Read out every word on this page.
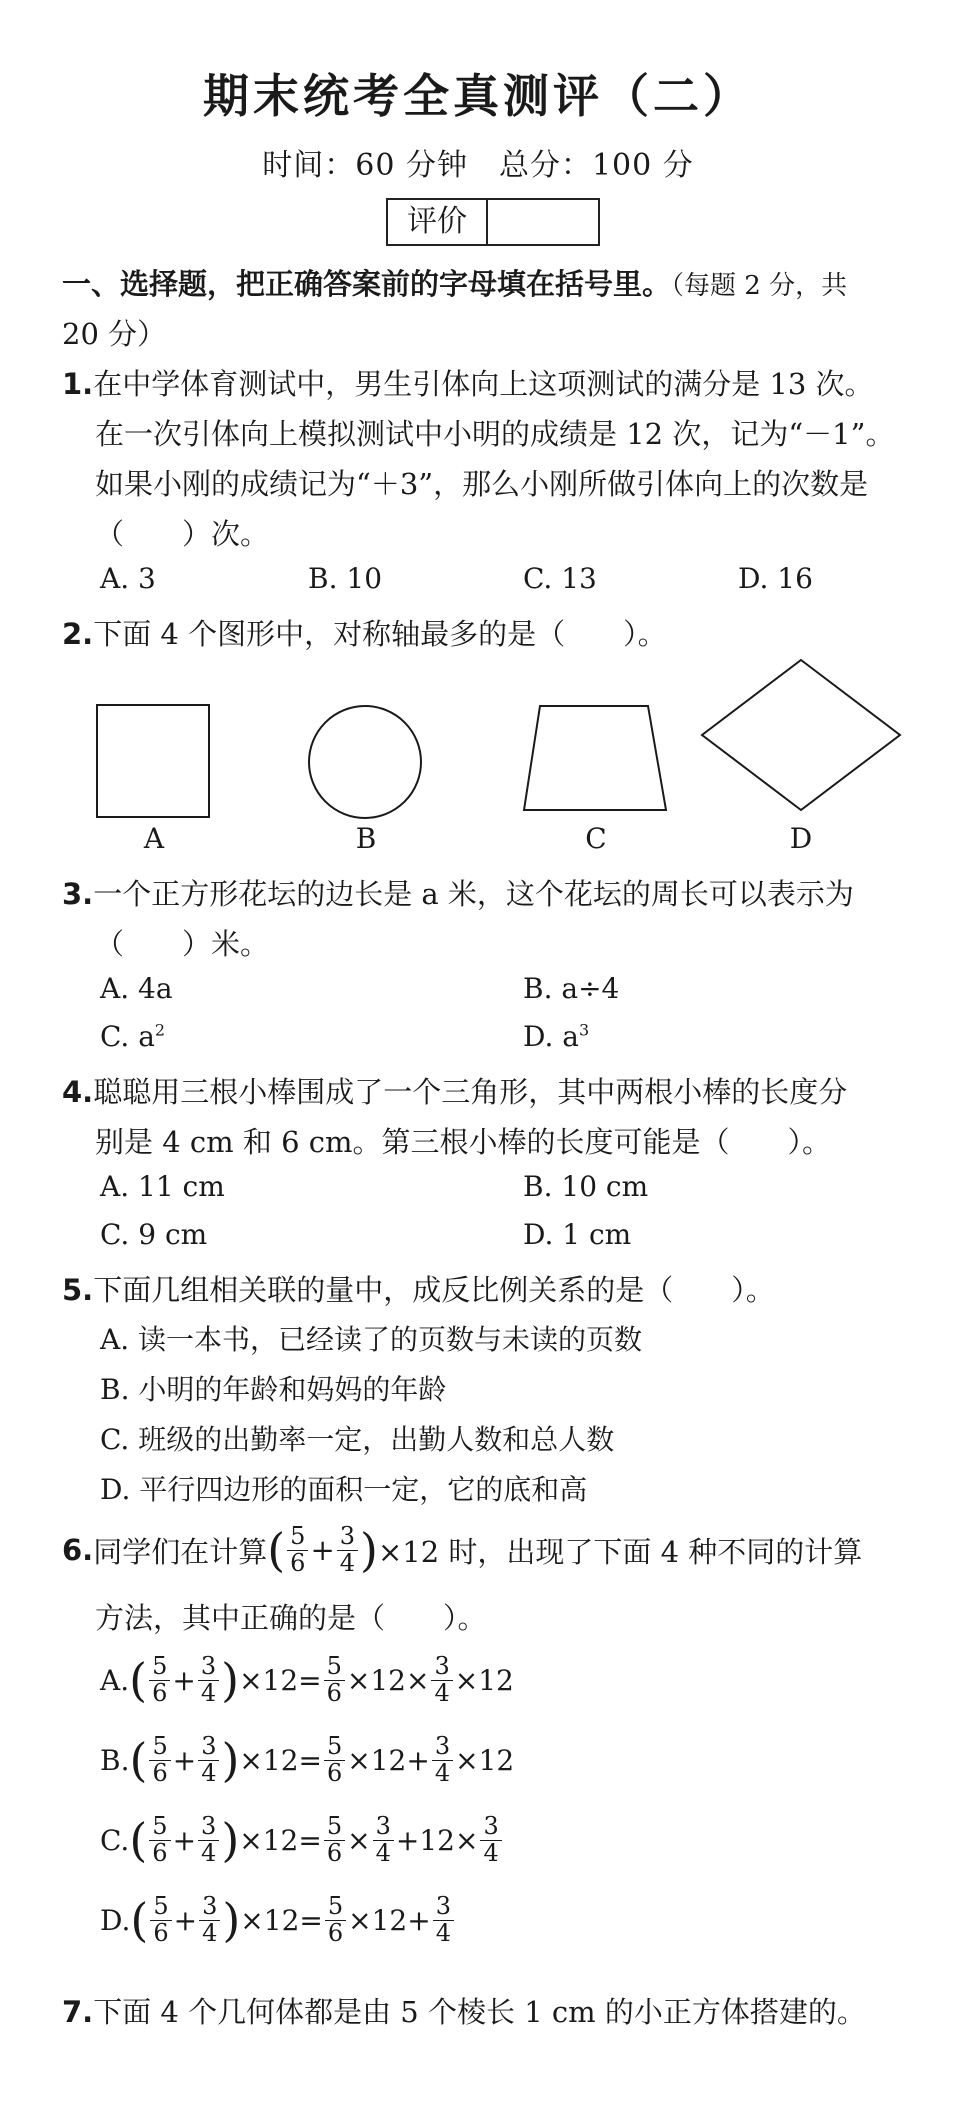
期末统考全真测评（二）
时间：60 分钟　总分：100 分
评价
一、选择题，把正确答案前的字母填在括号里。（每题 2 分，共
20 分）
1.在中学体育测试中，男生引体向上这项测试的满分是 13 次。
在一次引体向上模拟测试中小明的成绩是 12 次，记为“－1”。
如果小刚的成绩记为“＋3”，那么小刚所做引体向上的次数是
（　　）次。
A. 3	B. 10	C. 13	D. 16
2.下面 4 个图形中，对称轴最多的是（　　）。
A	B	C	D
3.一个正方形花坛的边长是 a 米，这个花坛的周长可以表示为
（　　）米。
A. 4a	B. a÷4
C. $a^2$	D. $a^3$
4.聪聪用三根小棒围成了一个三角形，其中两根小棒的长度分
别是 4 cm 和 6 cm。第三根小棒的长度可能是（　　）。
A. 11 cm	B. 10 cm
C. 9 cm	D. 1 cm
5.下面几组相关联的量中，成反比例关系的是（　　）。
A. 读一本书，已经读了的页数与未读的页数
B. 小明的年龄和妈妈的年龄
C. 班级的出勤率一定，出勤人数和总人数
D. 平行四边形的面积一定，它的底和高
6. 同学们在计算 ( $\frac{5}{6} + \frac{3}{4}$ ) ×12 时，出现了下面 4 种不同的计算
方法，其中正确的是（　　）。
A. ( $\frac{5}{6} + \frac{3}{4}$ ) $\times 12 = \frac{5}{6} \times 12 \times \frac{3}{4} \times 12$
B. ( $\frac{5}{6} + \frac{3}{4}$ ) $\times 12 = \frac{5}{6} \times 12 + \frac{3}{4} \times 12$
C. ( $\frac{5}{6} + \frac{3}{4}$ ) $\times 12 = \frac{5}{6} \times \frac{3}{4} + 12 \times \frac{3}{4}$
D. ( $\frac{5}{6} + \frac{3}{4}$ ) $\times 12 = \frac{5}{6} \times 12 + \frac{3}{4}$
7.下面 4 个几何体都是由 5 个棱长 1 cm 的小正方体搭建的。
